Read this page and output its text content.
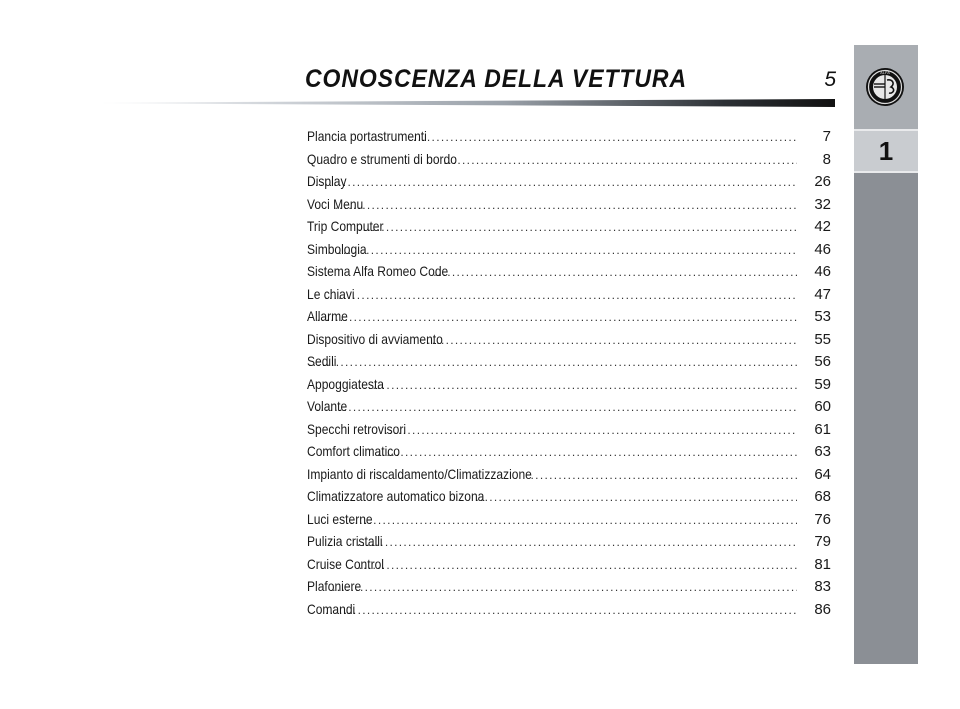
CONOSCENZA DELLA VETTURA	5
Plancia portastrumenti .....	7
Quadro e strumenti di bordo .....	8
Display .....	26
Voci Menu .....	32
Trip Computer .....	42
Simbologia .....	46
Sistema Alfa Romeo Code .....	46
Le chiavi .....	47
Allarme .....	53
Dispositivo di avviamento .....	55
Sedili .....	56
Appoggiatesta .....	59
Volante .....	60
Specchi retrovisori .....	61
Comfort climatico .....	63
Impianto di riscaldamento/Climatizzazione .....	64
Climatizzatore automatico bizona .....	68
Luci esterne .....	76
Pulizia cristalli .....	79
Cruise Control .....	81
Plafoniere .....	83
Comandi .....	86
ALFA
1
